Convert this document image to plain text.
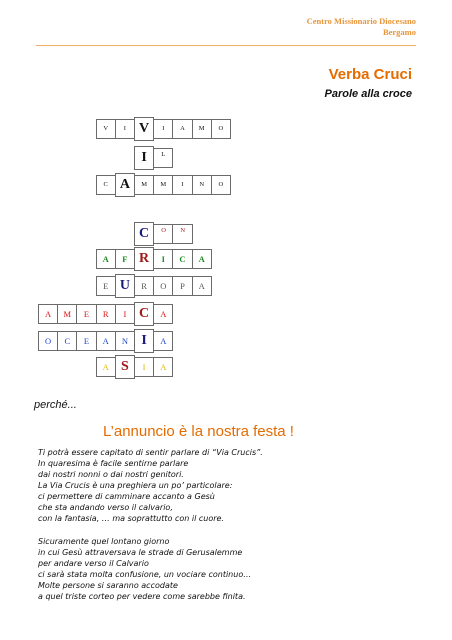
Centro Missionario Diocesano
Bergamo
Verba Cruci
Parole alla croce
V I V I A M O
I L
C A M M I N O
C O N
A F R I C A
E U R O P A
A M E R I C A
O C E A N I A
A S I A
perché...
L’annuncio è la nostra festa !
Ti potrà essere capitato di sentir parlare di “Via Crucis”.
In quaresima è facile sentirne parlare
dai nostri nonni o dai nostri genitori.
La Via Crucis è una preghiera un po’ particolare:
ci permettere di camminare accanto a Gesù
che sta andando verso il calvario,
con la fantasia, … ma soprattutto con il cuore.
Sicuramente quel lontano giorno
in cui Gesù attraversava le strade di Gerusalemme
per andare verso il Calvario
ci sarà stata molta confusione, un vociare continuo…
Molte persone si saranno accodate
a quel triste corteo per vedere come sarebbe finita.
